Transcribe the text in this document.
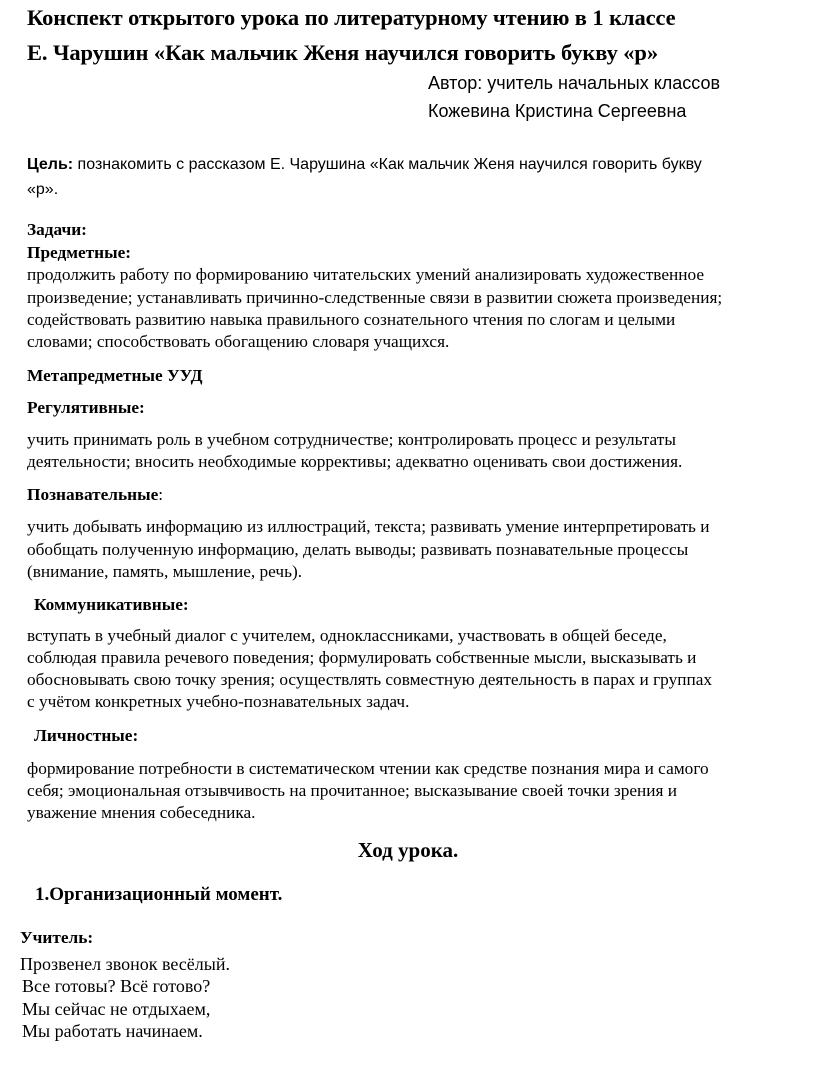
Конспект открытого урока по литературному чтению в 1 классе
Е. Чарушин «Как мальчик Женя научился говорить букву «р»
Автор: учитель начальных классов
Кожевина Кристина Сергеевна
Цель: познакомить с рассказом Е. Чарушина «Как мальчик Женя научился говорить букву
«р».
Задачи:
Предметные:
продолжить работу по формированию читательских умений анализировать художественное
произведение; устанавливать причинно-следственные связи в развитии сюжета произведения;
содействовать развитию навыка правильного сознательного чтения по слогам и целыми
словами; способствовать обогащению словаря учащихся.
Метапредметные УУД
Регулятивные:
учить принимать роль в учебном сотрудничестве; контролировать процесс и результаты
деятельности; вносить необходимые коррективы; адекватно оценивать свои достижения.
Познавательные:
учить добывать информацию из иллюстраций, текста; развивать умение интерпретировать и
обобщать полученную информацию, делать выводы; развивать познавательные процессы
(внимание, память, мышление, речь).
Коммуникативные:
вступать в учебный диалог с учителем, одноклассниками, участвовать в общей беседе,
соблюдая правила речевого поведения; формулировать собственные мысли, высказывать и
обосновывать свою точку зрения; осуществлять совместную деятельность в парах и группах
с учётом конкретных учебно-познавательных задач.
Личностные:
формирование потребности в систематическом чтении как средстве познания мира и самого
себя; эмоциональная отзывчивость на прочитанное; высказывание своей точки зрения и
уважение мнения собеседника.
Ход урока.
1.Организационный момент.
Учитель:
Прозвенел звонок весёлый.
Все готовы? Всё готово?
Мы сейчас не отдыхаем,
Мы работать начинаем.
